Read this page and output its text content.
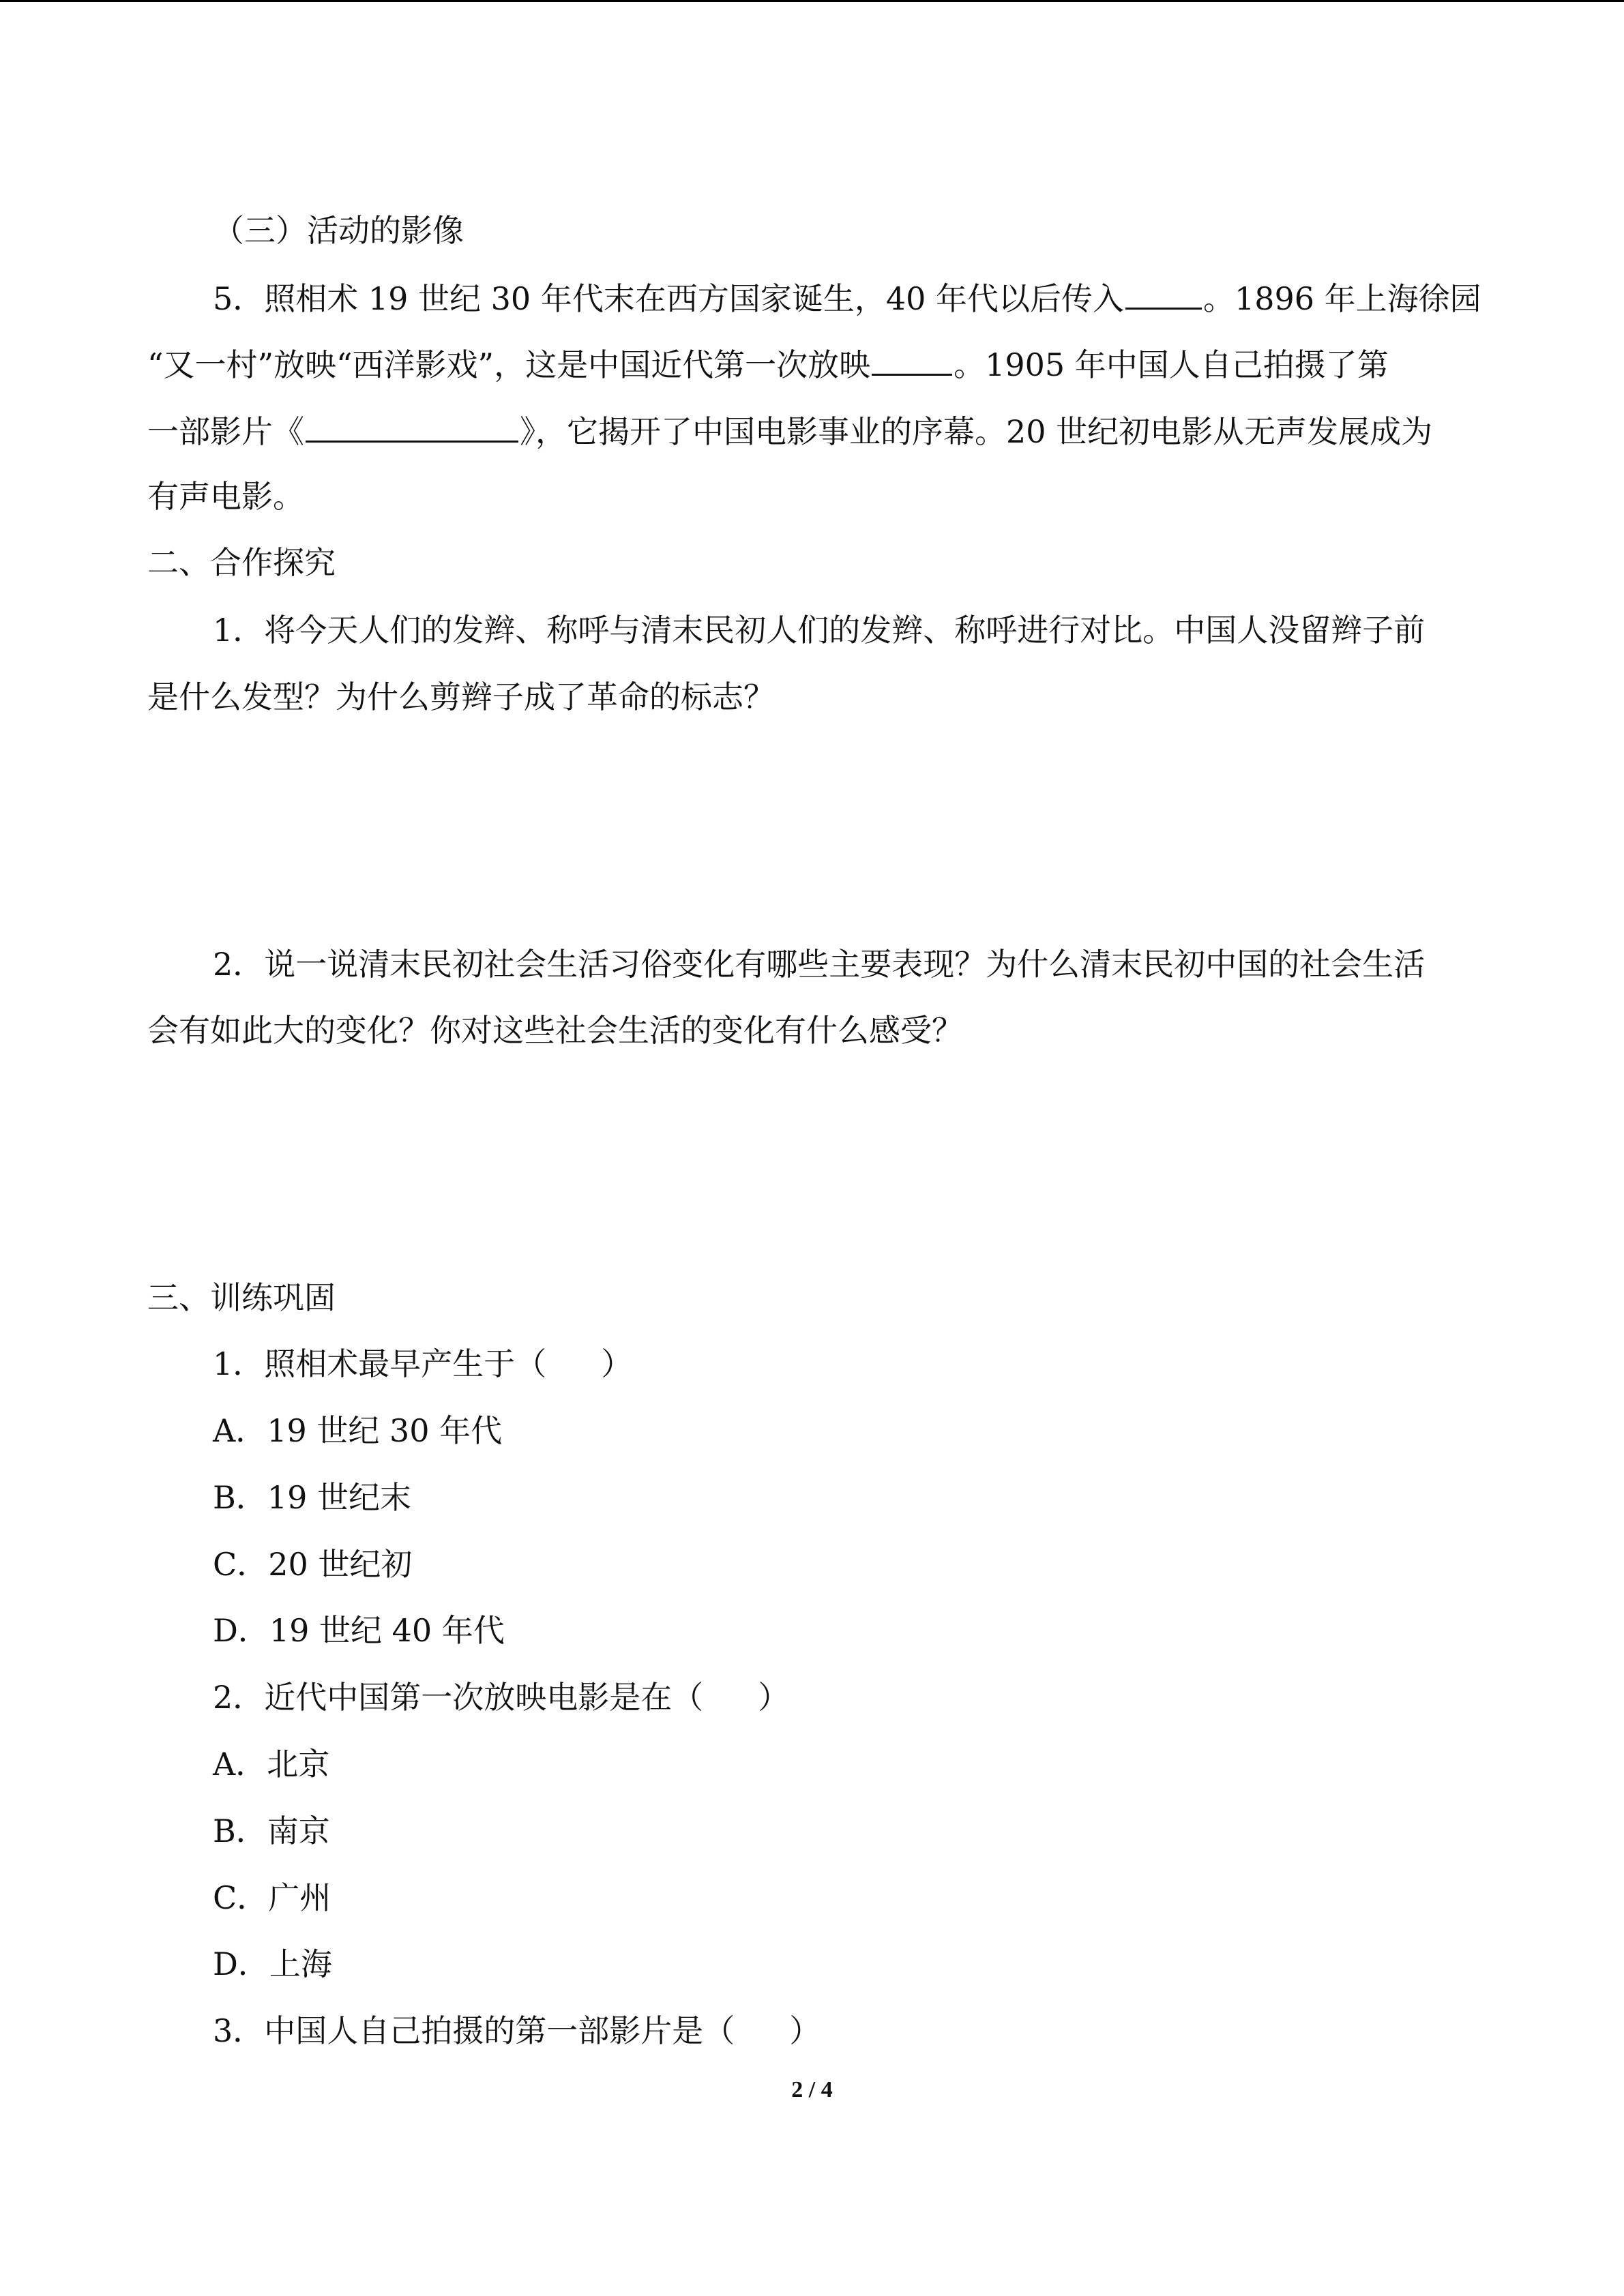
（三）活动的影像
5．照相术 19 世纪 30 年代末在西方国家诞生，40 年代以后传入	。1896 年上海徐园
“又一村”放映“西洋影戏”，这是中国近代第一次放映	。1905 年中国人自己拍摄了第
一部影片《	》，它揭开了中国电影事业的序幕。20 世纪初电影从无声发展成为
有声电影。
二、合作探究
1．将今天人们的发辫、称呼与清末民初人们的发辫、称呼进行对比。中国人没留辫子前
是什么发型？为什么剪辫子成了革命的标志？
2．说一说清末民初社会生活习俗变化有哪些主要表现？为什么清末民初中国的社会生活
会有如此大的变化？你对这些社会生活的变化有什么感受？
三、训练巩固
1．照相术最早产生于（ ）
A．19 世纪 30 年代
B．19 世纪末
C．20 世纪初
D．19 世纪 40 年代
2．近代中国第一次放映电影是在（ ）
A．北京
B．南京
C．广州
D．上海
3．中国人自己拍摄的第一部影片是（ ）
2 / 4
